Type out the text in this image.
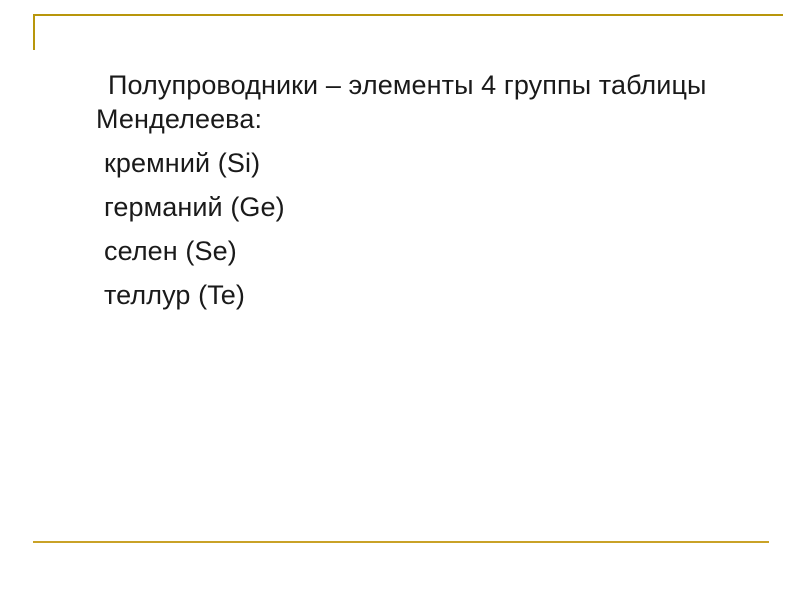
Полупроводники – элементы 4 группы таблицы Менделеева:

кремний (Si)

германий (Ge)

селен (Se)

теллур (Te)
